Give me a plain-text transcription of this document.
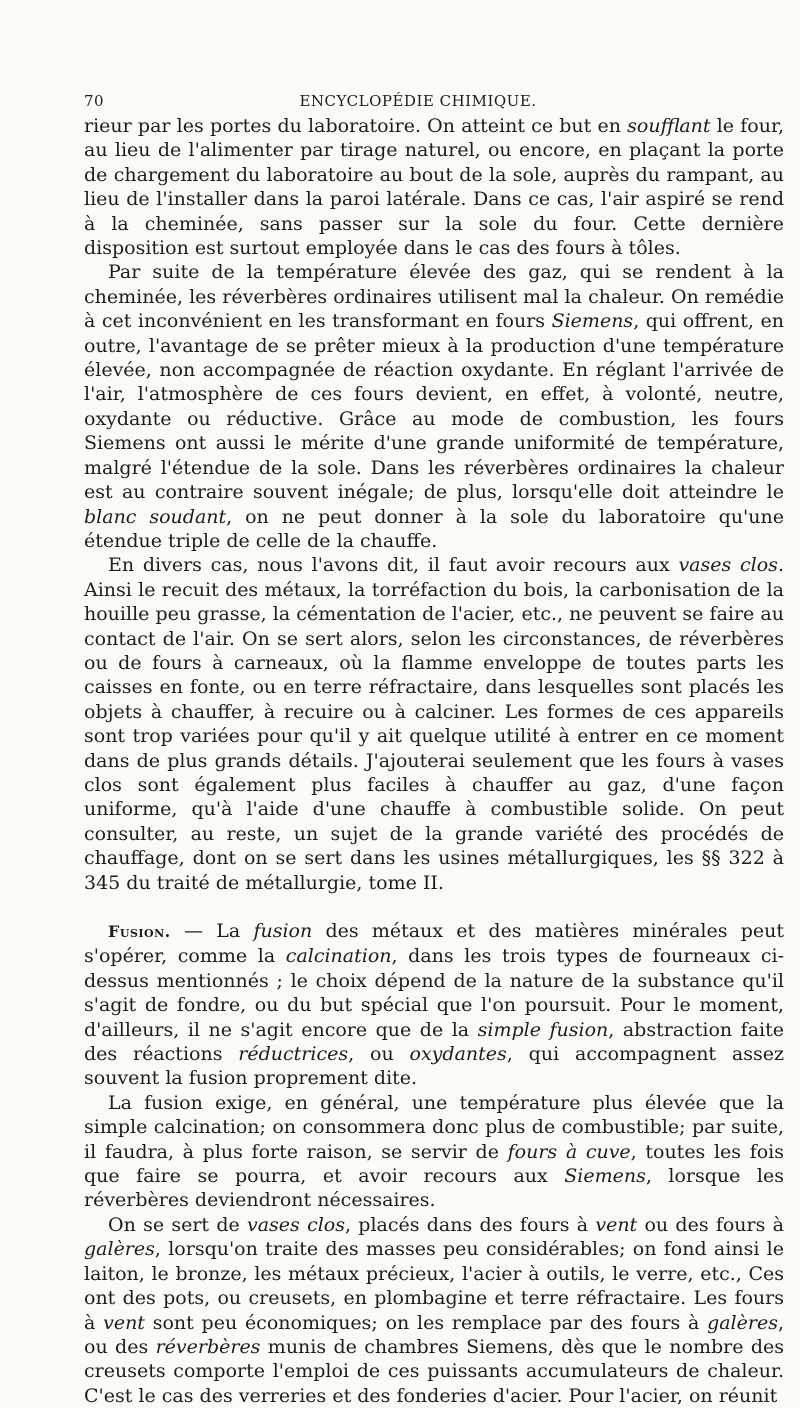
70	ENCYCLOPÉDIE CHIMIQUE.

rieur par les portes du laboratoire. On atteint ce but en soufflant le four, au lieu de l'alimenter par tirage naturel, ou encore, en plaçant la porte de chargement du laboratoire au bout de la sole, auprès du rampant, au lieu de l'installer dans la paroi latérale. Dans ce cas, l'air aspiré se rend à la cheminée, sans passer sur la sole du four. Cette dernière disposition est surtout employée dans le cas des fours à tôles.

Par suite de la température élevée des gaz, qui se rendent à la cheminée, les réverbères ordinaires utilisent mal la chaleur. On remédie à cet inconvénient en les transformant en fours Siemens, qui offrent, en outre, l'avantage de se prêter mieux à la production d'une température élevée, non accompagnée de réaction oxydante. En réglant l'arrivée de l'air, l'atmosphère de ces fours devient, en effet, à volonté, neutre, oxydante ou réductive. Grâce au mode de combustion, les fours Siemens ont aussi le mérite d'une grande uniformité de température, malgré l'étendue de la sole. Dans les réverbères ordinaires la chaleur est au contraire souvent inégale; de plus, lorsqu'elle doit atteindre le blanc soudant, on ne peut donner à la sole du laboratoire qu'une étendue triple de celle de la chauffe.

En divers cas, nous l'avons dit, il faut avoir recours aux vases clos. Ainsi le recuit des métaux, la torréfaction du bois, la carbonisation de la houille peu grasse, la cémentation de l'acier, etc., ne peuvent se faire au contact de l'air. On se sert alors, selon les circonstances, de réverbères ou de fours à carneaux, où la flamme enveloppe de toutes parts les caisses en fonte, ou en terre réfractaire, dans lesquelles sont placés les objets à chauffer, à recuire ou à calciner. Les formes de ces appareils sont trop variées pour qu'il y ait quelque utilité à entrer en ce moment dans de plus grands détails. J'ajouterai seulement que les fours à vases clos sont également plus faciles à chauffer au gaz, d'une façon uniforme, qu'à l'aide d'une chauffe à combustible solide. On peut consulter, au reste, un sujet de la grande variété des procédés de chauffage, dont on se sert dans les usines métallurgiques, les §§ 322 à 345 du traité de métallurgie, tome II.

Fusion. — La fusion des métaux et des matières minérales peut s'opérer, comme la calcination, dans les trois types de fourneaux ci-dessus mentionnés ; le choix dépend de la nature de la substance qu'il s'agit de fondre, ou du but spécial que l'on poursuit. Pour le moment, d'ailleurs, il ne s'agit encore que de la simple fusion, abstraction faite des réactions réductrices, ou oxydantes, qui accompagnent assez souvent la fusion proprement dite.

La fusion exige, en général, une température plus élevée que la simple calcination; on consommera donc plus de combustible; par suite, il faudra, à plus forte raison, se servir de fours à cuve, toutes les fois que faire se pourra, et avoir recours aux Siemens, lorsque les réverbères deviendront nécessaires.

On se sert de vases clos, placés dans des fours à vent ou des fours à galères, lorsqu'on traite des masses peu considérables; on fond ainsi le laiton, le bronze, les métaux précieux, l'acier à outils, le verre, etc., Ces ont des pots, ou creusets, en plombagine et terre réfractaire. Les fours à vent sont peu économiques; on les remplace par des fours à galères, ou des réverbères munis de chambres Siemens, dès que le nombre des creusets comporte l'emploi de ces puissants accumulateurs de chaleur. C'est le cas des verreries et des fonderies d'acier. Pour l'acier, on réunit
